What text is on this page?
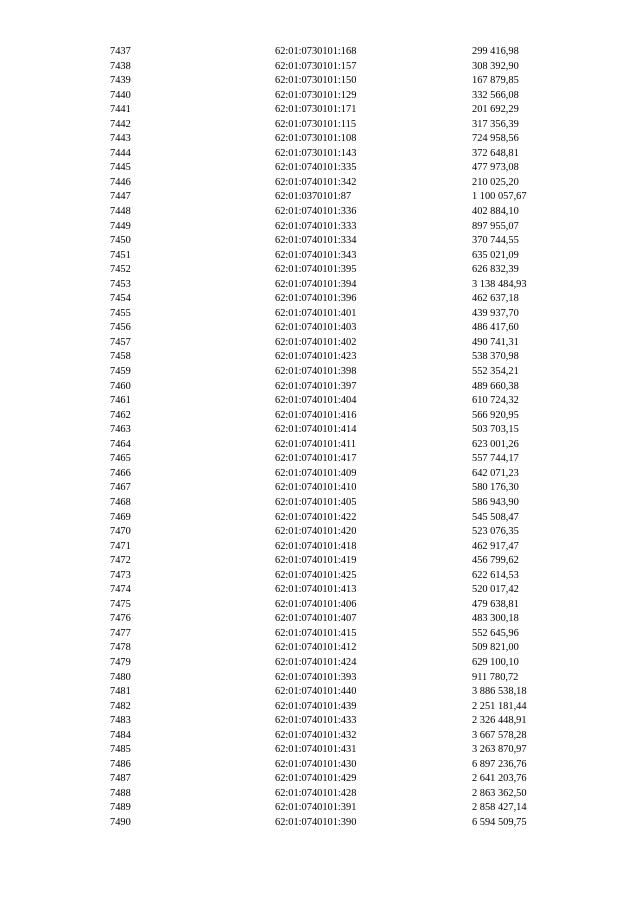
7437	62:01:0730101:168	299 416,98
7438	62:01:0730101:157	308 392,90
7439	62:01:0730101:150	167 879,85
7440	62:01:0730101:129	332 566,08
7441	62:01:0730101:171	201 692,29
7442	62:01:0730101:115	317 356,39
7443	62:01:0730101:108	724 958,56
7444	62:01:0730101:143	372 648,81
7445	62:01:0740101:335	477 973,08
7446	62:01:0740101:342	210 025,20
7447	62:01:0370101:87	1 100 057,67
7448	62:01:0740101:336	402 884,10
7449	62:01:0740101:333	897 955,07
7450	62:01:0740101:334	370 744,55
7451	62:01:0740101:343	635 021,09
7452	62:01:0740101:395	626 832,39
7453	62:01:0740101:394	3 138 484,93
7454	62:01:0740101:396	462 637,18
7455	62:01:0740101:401	439 937,70
7456	62:01:0740101:403	486 417,60
7457	62:01:0740101:402	490 741,31
7458	62:01:0740101:423	538 370,98
7459	62:01:0740101:398	552 354,21
7460	62:01:0740101:397	489 660,38
7461	62:01:0740101:404	610 724,32
7462	62:01:0740101:416	566 920,95
7463	62:01:0740101:414	503 703,15
7464	62:01:0740101:411	623 001,26
7465	62:01:0740101:417	557 744,17
7466	62:01:0740101:409	642 071,23
7467	62:01:0740101:410	580 176,30
7468	62:01:0740101:405	586 943,90
7469	62:01:0740101:422	545 508,47
7470	62:01:0740101:420	523 076,35
7471	62:01:0740101:418	462 917,47
7472	62:01:0740101:419	456 799,62
7473	62:01:0740101:425	622 614,53
7474	62:01:0740101:413	520 017,42
7475	62:01:0740101:406	479 638,81
7476	62:01:0740101:407	483 300,18
7477	62:01:0740101:415	552 645,96
7478	62:01:0740101:412	509 821,00
7479	62:01:0740101:424	629 100,10
7480	62:01:0740101:393	911 780,72
7481	62:01:0740101:440	3 886 538,18
7482	62:01:0740101:439	2 251 181,44
7483	62:01:0740101:433	2 326 448,91
7484	62:01:0740101:432	3 667 578,28
7485	62:01:0740101:431	3 263 870,97
7486	62:01:0740101:430	6 897 236,76
7487	62:01:0740101:429	2 641 203,76
7488	62:01:0740101:428	2 863 362,50
7489	62:01:0740101:391	2 858 427,14
7490	62:01:0740101:390	6 594 509,75
